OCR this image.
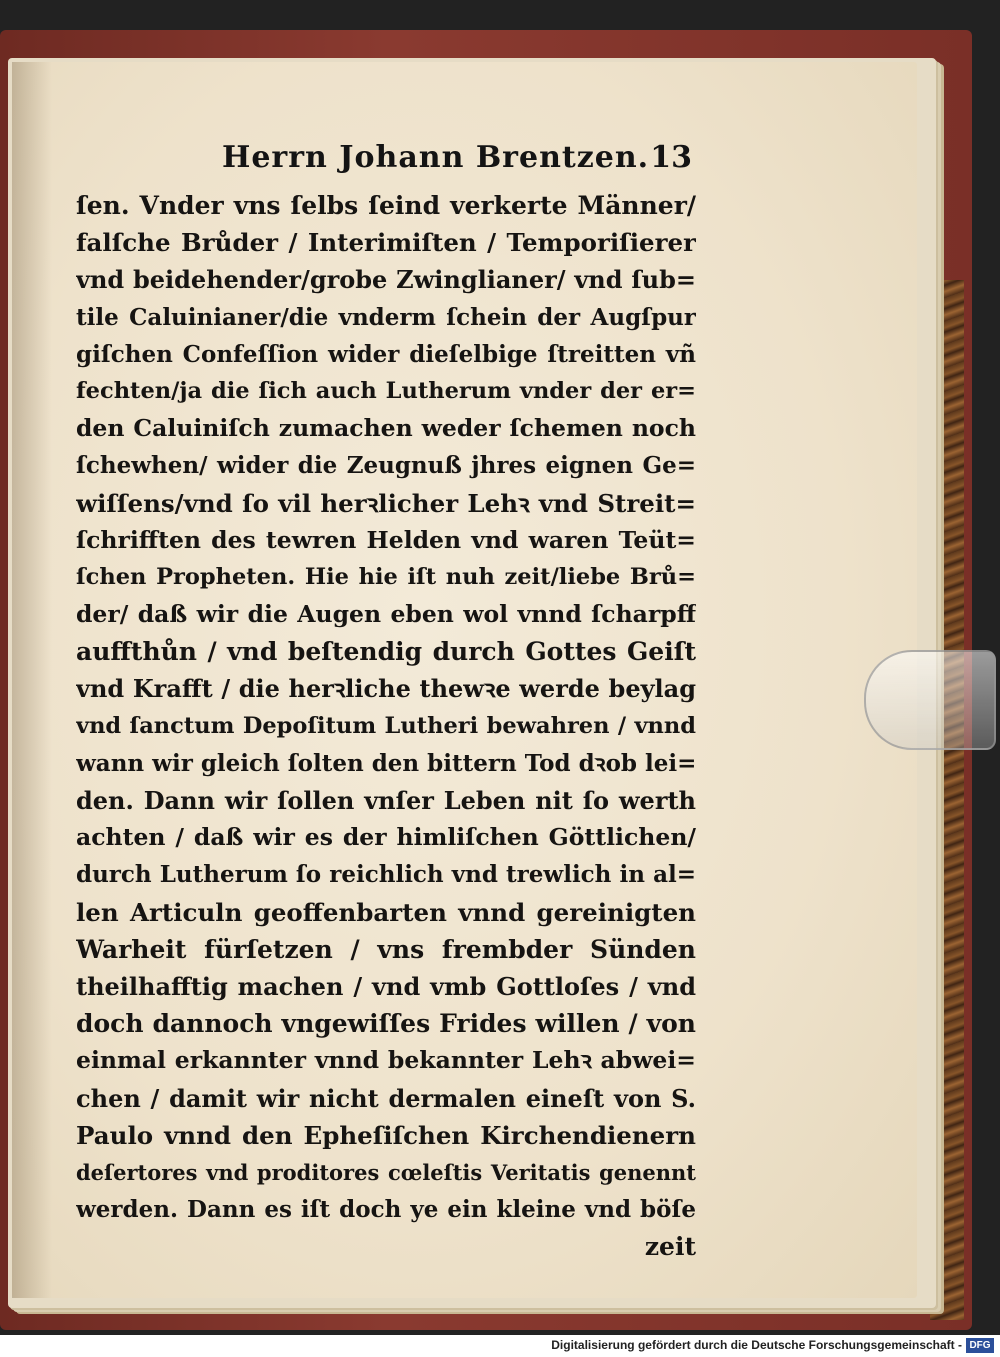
Herrn Johann Brentzen. 13
ſen. Vnder vns ſelbs ſeind verkerte Männer/
falſche Brůder / Interimiſten / Temporiſierer
vnd beidehender/grobe Zwinglianer/ vnd ſub=
tile Caluinianer/die vnderm ſchein der Augſpur
giſchen Confeſſion wider dieſelbige ſtreitten vñ
fechten/ja die ſich auch Lutherum vnder der er=
den Caluiniſch zumachen weder ſchemen noch
ſchewhen/ wider die Zeugnuß jhres eignen Ge=
wiſſens/vnd ſo vil herꝛlicher Lehꝛ vnd Streit=
ſchrifften des tewren Helden vnd waren Teüt=
ſchen Propheten. Hie hie iſt nuh zeit/liebe Brů=
der/ daß wir die Augen eben wol vnnd ſcharpff
auffthůn / vnd beſtendig durch Gottes Geiſt
vnd Krafft / die herꝛliche thewꝛe werde beylag
vnd ſanctum Depoſitum Lutheri bewahren / vnnd
wann wir gleich ſolten den bittern Tod dꝛob lei=
den. Dann wir ſollen vnſer Leben nit ſo werth
achten / daß wir es der himliſchen Göttlichen/
durch Lutherum ſo reichlich vnd trewlich in al=
len Articuln geoffenbarten vnnd gereinigten
Warheit fürſetzen / vns frembder Sünden
theilhafftig machen / vnd vmb Gottloſes / vnd
doch dannoch vngewiſſes Frides willen / von
einmal erkannter vnnd bekannter Lehꝛ abwei=
chen / damit wir nicht dermalen eineſt von S.
Paulo vnnd den Epheſiſchen Kirchendienern
deſertores vnd proditores cœleſtis Veritatis genennt
werden. Dann es iſt doch ye ein kleine vnd böſe
zeit
Digitalisierung gefördert durch die Deutsche Forschungsgemeinschaft - DFG
